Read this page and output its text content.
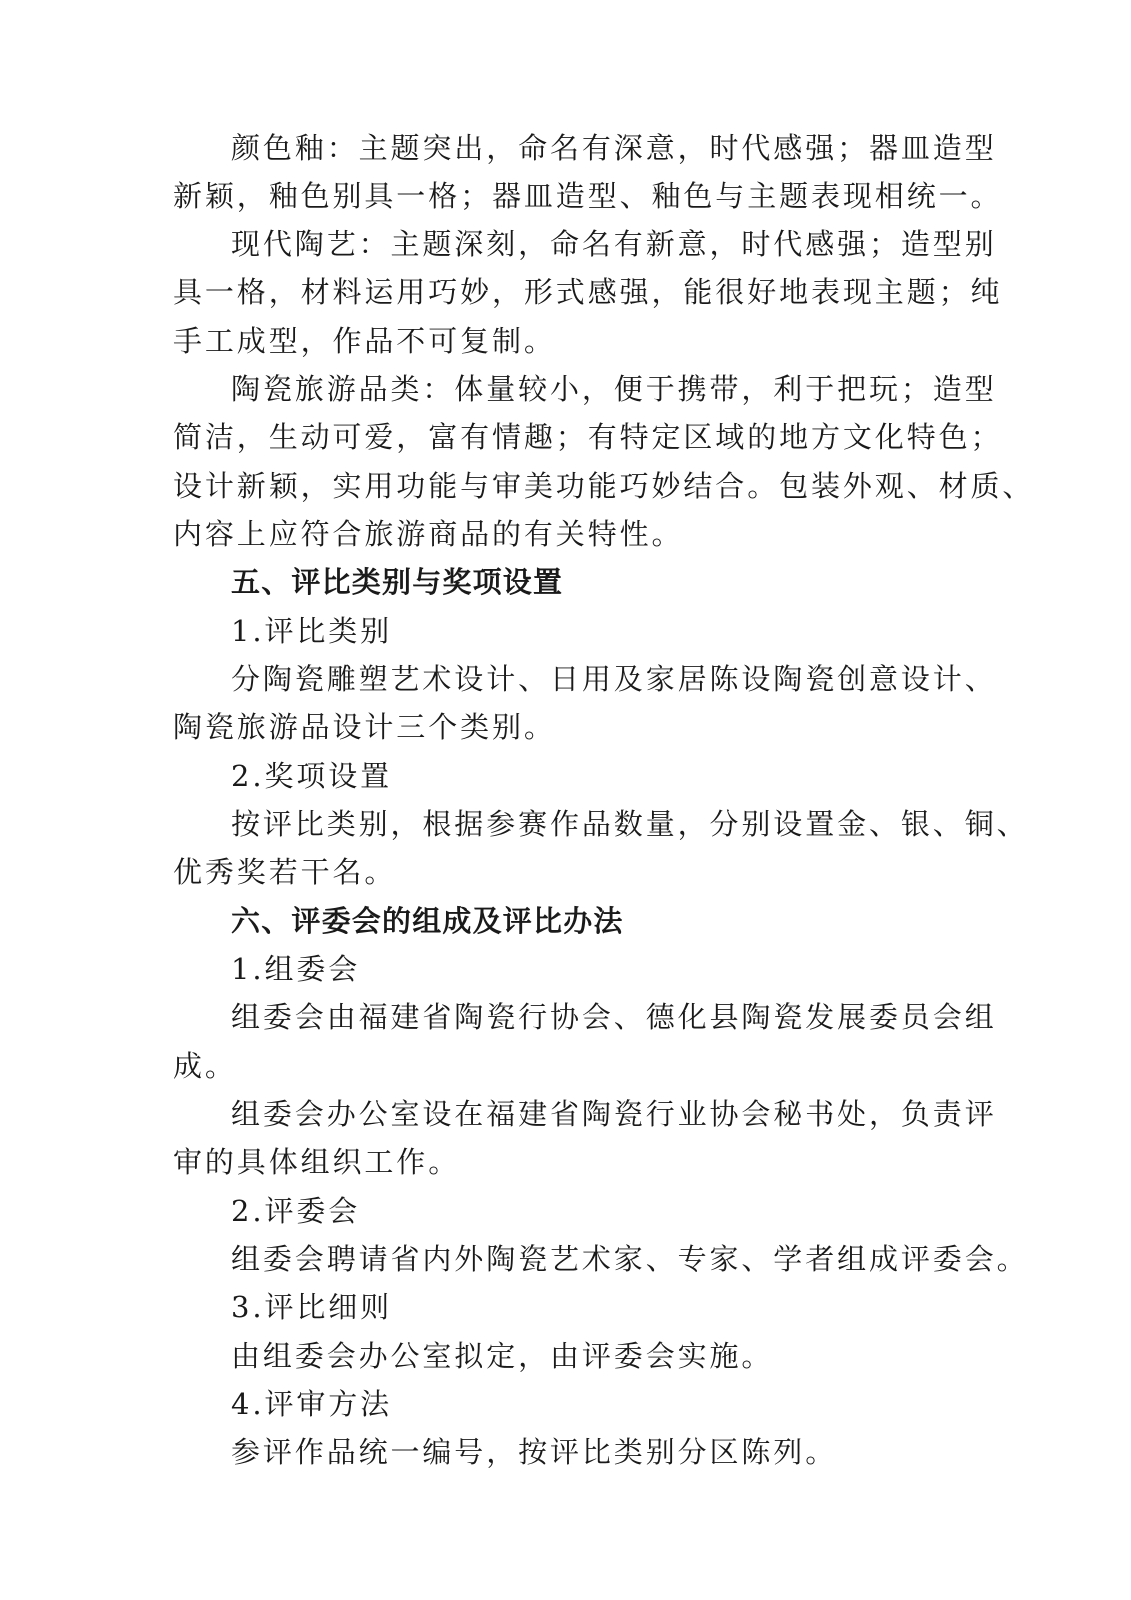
颜色釉：主题突出，命名有深意，时代感强；器皿造型
新颖，釉色别具一格；器皿造型、釉色与主题表现相统一。
现代陶艺：主题深刻，命名有新意，时代感强；造型别
具一格，材料运用巧妙，形式感强，能很好地表现主题；纯
手工成型，作品不可复制。
陶瓷旅游品类：体量较小，便于携带，利于把玩；造型
简洁，生动可爱，富有情趣；有特定区域的地方文化特色；
设计新颖，实用功能与审美功能巧妙结合。包装外观、材质、
内容上应符合旅游商品的有关特性。
五、评比类别与奖项设置
1.评比类别
分陶瓷雕塑艺术设计、日用及家居陈设陶瓷创意设计、
陶瓷旅游品设计三个类别。
2.奖项设置
按评比类别，根据参赛作品数量，分别设置金、银、铜、
优秀奖若干名。
六、评委会的组成及评比办法
1.组委会
组委会由福建省陶瓷行协会、德化县陶瓷发展委员会组
成。
组委会办公室设在福建省陶瓷行业协会秘书处，负责评
审的具体组织工作。
2.评委会
组委会聘请省内外陶瓷艺术家、专家、学者组成评委会。
3.评比细则
由组委会办公室拟定，由评委会实施。
4.评审方法
参评作品统一编号，按评比类别分区陈列。
